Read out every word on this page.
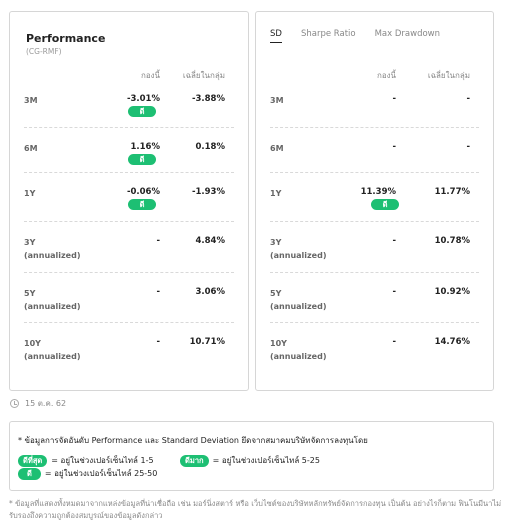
Performance
(CG-RMF)
กองนี้	เฉลี่ยในกลุ่ม
3M	-3.01%	-3.88%
ดี
6M	1.16%	0.18%
ดี
1Y	-0.06%	-1.93%
ดี
3Y
(annualized)
-	4.84%
5Y
(annualized)
-	3.06%
10Y
(annualized)
-	10.71%
SD Sharpe Ratio Max Drawdown
กองนี้	เฉลี่ยในกลุ่ม
3M	-	-
6M	-	-
1Y	11.39%	11.77%
ดี
3Y
(annualized)
-	10.78%
5Y
(annualized)
-	10.92%
10Y
(annualized)
-	14.76%
15 ต.ค. 62
* ข้อมูลการจัดอันดับ Performance และ Standard Deviation ยึดจากสมาคมบริษัทจัดการลงทุนโดย
ดีที่สุด	= อยู่ในช่วงเปอร์เซ็นไทล์ 1-5	ดีมาก	= อยู่ในช่วงเปอร์เซ็นไทล์ 5-25
ดี	= อยู่ในช่วงเปอร์เซ็นไทล์ 25-50
* ข้อมูลที่แสดงทั้งหมดมาจากแหล่งข้อมูลที่น่าเชื่อถือ เช่น มอร์นิ่งสตาร์ หรือ เว็บไซต์ของบริษัทหลักทรัพย์จัดการกองทุน เป็นต้น อย่างไรก็ตาม ฟินโนมีนาไม่รับรองถึงความถูกต้องสมบูรณ์ของข้อมูลดังกล่าว
